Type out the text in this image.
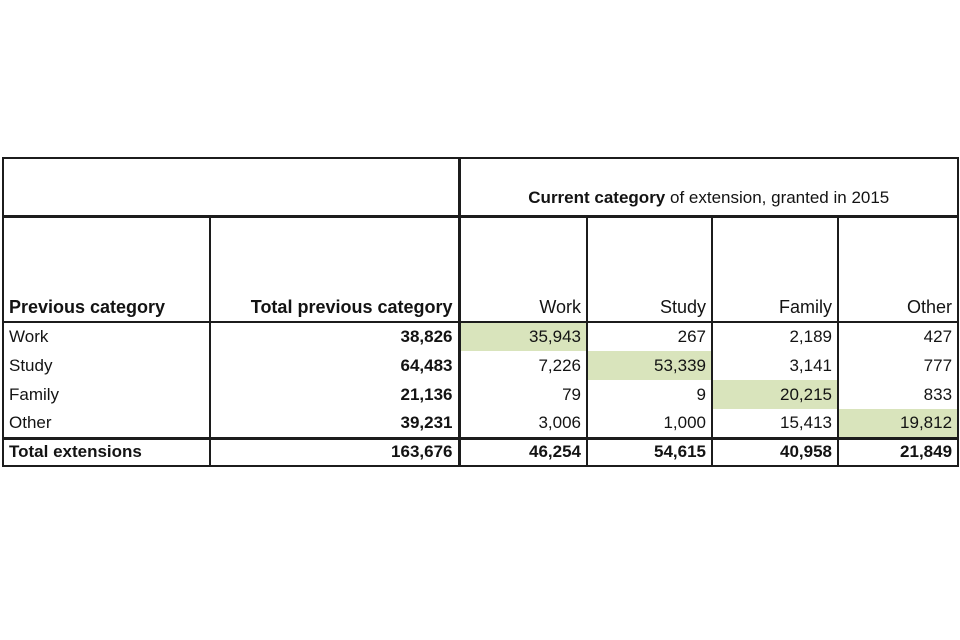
		Current category of extension, granted in 2015			
Previous category	Total previous category	Work	Study	Family	Other
Work	38,826	35,943	267	2,189	427
Study	64,483	7,226	53,339	3,141	777
Family	21,136	79	9	20,215	833
Other	39,231	3,006	1,000	15,413	19,812
Total extensions	163,676	46,254	54,615	40,958	21,849
